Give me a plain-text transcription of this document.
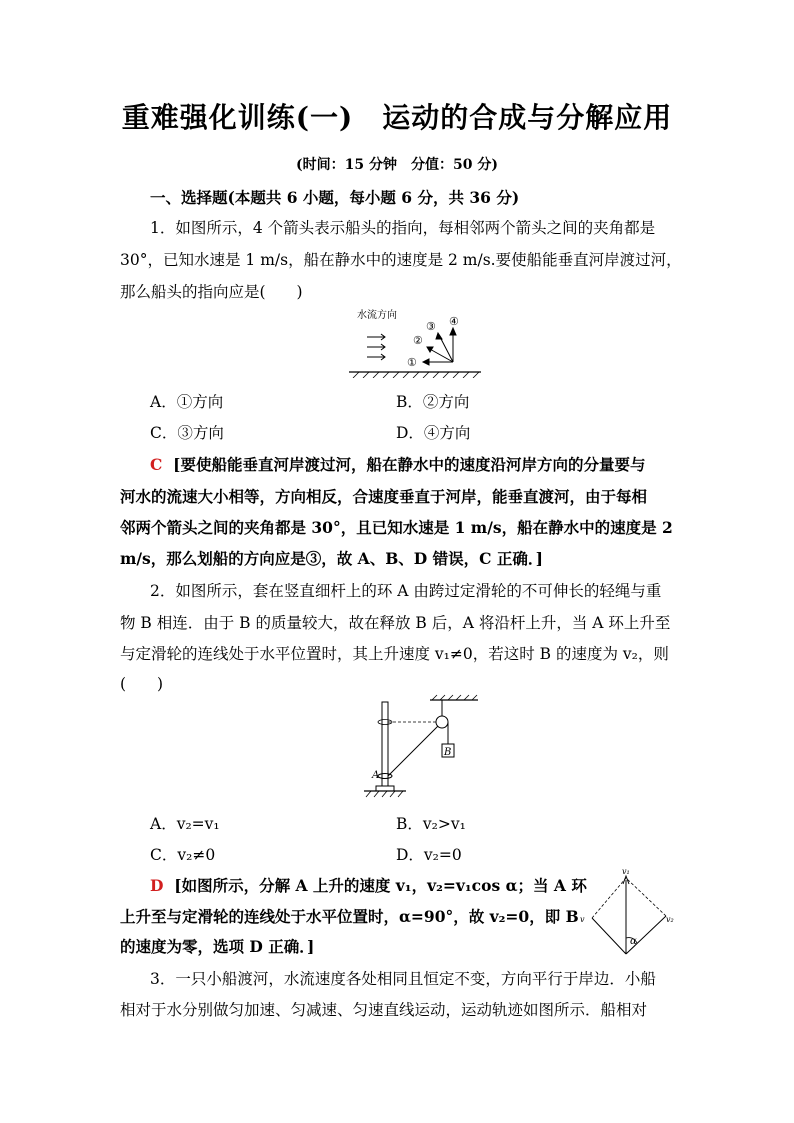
重难强化训练(一)　运动的合成与分解应用
(时间：15 分钟　分值：50 分)
一、选择题(本题共 6 小题，每小题 6 分，共 36 分)
1．如图所示，4 个箭头表示船头的指向，每相邻两个箭头之间的夹角都是
30°，已知水速是 1 m/s，船在静水中的速度是 2 m/s.要使船能垂直河岸渡过河，
那么船头的指向应是(　　)
水流方向
①
②
③ ④
A．①方向	B．②方向
C．③方向	D．④方向
C [要使船能垂直河岸渡过河，船在静水中的速度沿河岸方向的分量要与
河水的流速大小相等，方向相反，合速度垂直于河岸，能垂直渡河，由于每相
邻两个箭头之间的夹角都是 30°，且已知水速是 1 m/s，船在静水中的速度是 2
m/s，那么划船的方向应是③，故 A、B、D 错误，C 正确．]
2．如图所示，套在竖直细杆上的环 A 由跨过定滑轮的不可伸长的轻绳与重
物 B 相连．由于 B 的质量较大，故在释放 B 后，A 将沿杆上升，当 A 环上升至
与定滑轮的连线处于水平位置时，其上升速度 v₁≠0，若这时 B 的速度为 v₂，则
(　　)
B
A
A．v₂=v₁	B．v₂>v₁
C．v₂≠0	D．v₂=0
D [如图所示，分解 A 上升的速度 v₁，v₂=v₁cos α；当 A 环
上升至与定滑轮的连线处于水平位置时，α=90°，故 v₂=0，即 B
的速度为零，选项 D 正确．]
v₁
v	v₂
α
3．一只小船渡河，水流速度各处相同且恒定不变，方向平行于岸边．小船
相对于水分别做匀加速、匀减速、匀速直线运动，运动轨迹如图所示．船相对
